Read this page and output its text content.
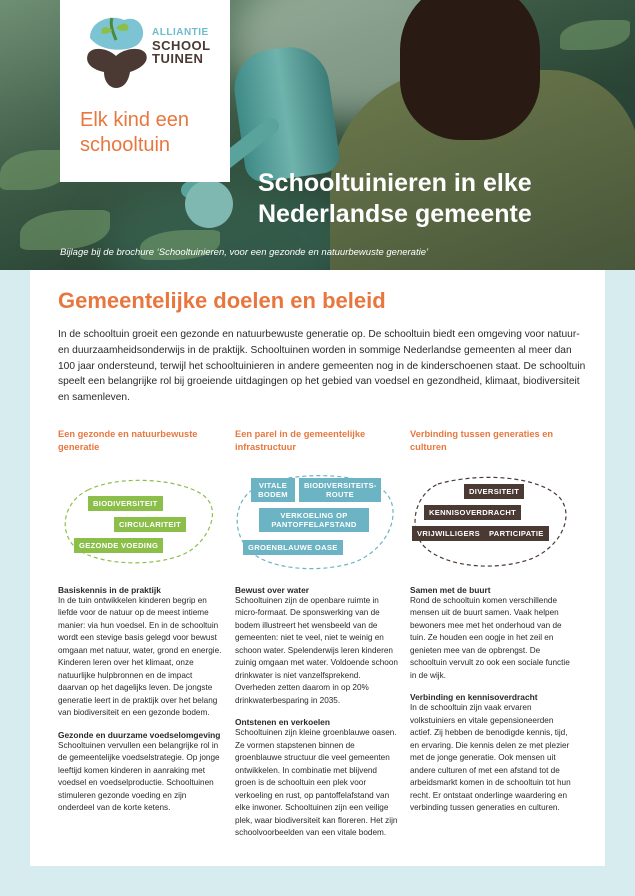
ALLIANTIE
SCHOOL
TUINEN
Elk kind een schooltuin
Schooltuinieren in elke Nederlandse gemeente
Bijlage bij de brochure ‘Schooltuinieren, voor een gezonde en natuurbewuste generatie’
Gemeentelijke doelen en beleid
In de schooltuin groeit een gezonde en natuurbewuste generatie op. De schooltuin biedt een omgeving voor natuur- en duurzaamheidsonderwijs in de praktijk. Schooltuinen worden in sommige Nederlandse gemeenten al meer dan 100 jaar ondersteund, terwijl het schooltuinieren in andere gemeenten nog in de kinderschoenen staat. De schooltuin speelt een belangrijke rol bij groeiende uitdagingen op het gebied van voedsel en gezondheid, klimaat, biodiversiteit en samenleven.
Een gezonde en natuurbewuste generatie
BIODIVERSITEIT
CIRCULARITEIT
GEZONDE VOEDING
Basiskennis in de praktijk
In de tuin ontwikkelen kinderen begrip en liefde voor de natuur op de meest intieme manier: via hun voedsel. En in de schooltuin wordt een stevige basis gelegd voor bewust omgaan met natuur, water, grond en energie. Kinderen leren over het klimaat, onze natuurlijke hulpbronnen en de impact daarvan op het dagelijks leven. De jongste generatie leert in de praktijk over het belang van biodiversiteit en een gezonde bodem.
Gezonde en duurzame voedselomgeving
Schooltuinen vervullen een belangrijke rol in de gemeentelijke voedselstrategie. Op jonge leeftijd komen kinderen in aanraking met voedsel en voedselproductie. Schooltuinen stimuleren gezonde voeding en zijn onderdeel van de korte ketens.
Een parel in de gemeentelijke infrastructuur
VITALE BODEM
BIODIVERSITEITS-ROUTE
VERKOELING OP PANTOFFELAFSTAND
GROENBLAUWE OASE
Bewust over water
Schooltuinen zijn de openbare ruimte in micro-formaat. De sponswerking van de bodem illustreert het wensbeeld van de gemeenten: niet te veel, niet te weinig en schoon water. Spelenderwijs leren kinderen zuinig omgaan met water. Voldoende schoon drinkwater is niet vanzelfsprekend. Overheden zetten daarom in op 20% drinkwaterbesparing in 2035.
Ontstenen en verkoelen
Schooltuinen zijn kleine groenblauwe oasen. Ze vormen stapstenen binnen de groenblauwe structuur die veel gemeenten ontwikkelen. In combinatie met blijvend groen is de schooltuin een plek voor verkoeling en rust, op pantoffelafstand van elke inwoner. Schooltuinen zijn een veilige plek, waar biodiversiteit kan floreren. Het zijn schoolvoorbeelden van een vitale bodem.
Verbinding tussen generaties en culturen
DIVERSITEIT
KENNISOVERDRACHT
VRIJWILLIGERS	PARTICIPATIE
Samen met de buurt
Rond de schooltuin komen verschillende mensen uit de buurt samen. Vaak helpen bewoners mee met het onderhoud van de tuin. Ze houden een oogje in het zeil en genieten mee van de opbrengst. De schooltuin vervult zo ook een sociale functie in de wijk.
Verbinding en kennisoverdracht
In de schooltuin zijn vaak ervaren volkstuiniers en vitale gepensioneerden actief. Zij hebben de benodigde kennis, tijd, en ervaring. Die kennis delen ze met plezier met de jonge generatie. Ook mensen uit andere culturen of met een afstand tot de arbeidsmarkt komen in de schooltuin tot hun recht. Er ontstaat onderlinge waardering en verbinding tussen generaties en culturen.
